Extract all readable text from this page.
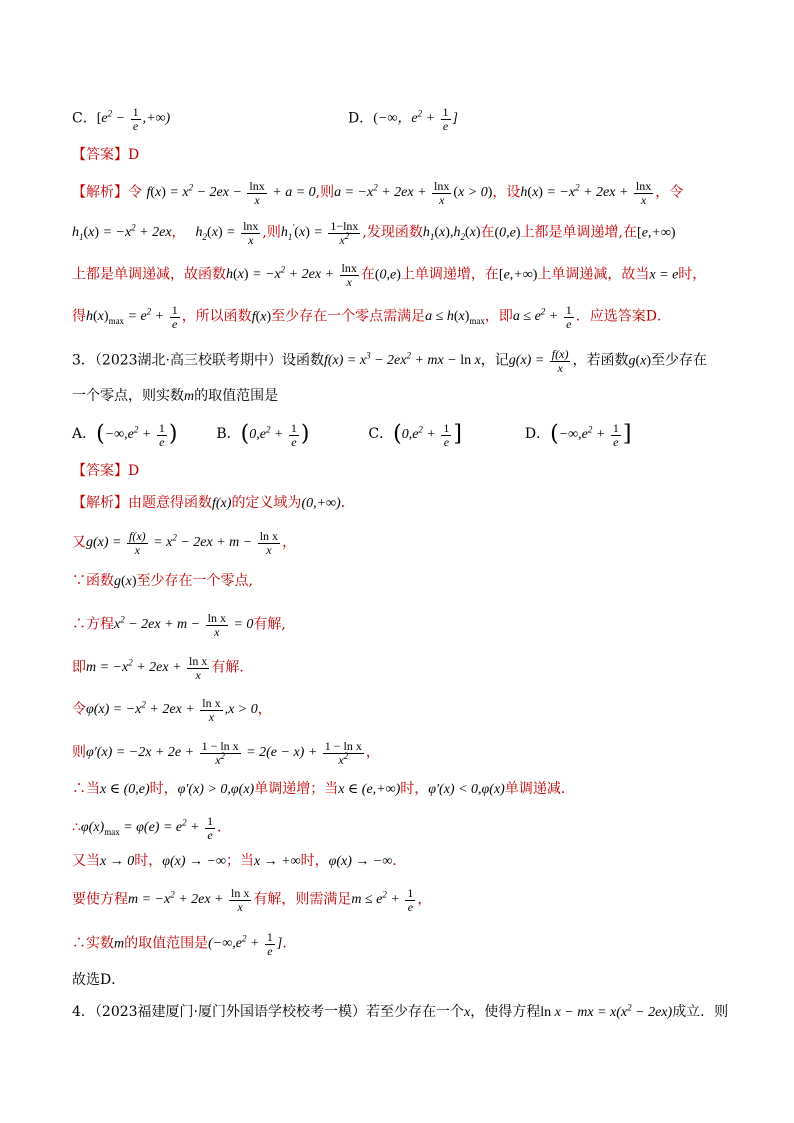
C．[$e^2 - \frac{1}{e}$ ,+∞)	D．(−∞，$e^2 + \frac{1}{e}$ ]
【答案】D
【解析】令 $f(x) = x^2 - 2ex - \frac{\ln x}{x} + a = 0$,则$a = -x^2 + 2ex + \frac{\ln x}{x} (x > 0)$，设$h(x) = -x^2 + 2ex + \frac{\ln x}{x}$ ，令
$h_1(x) = -x^2 + 2ex$， $h_2(x) = \frac{\ln x}{x}$ ,则$h_1'(x) = \frac{1-\ln x}{x^2}$ ,发现函数$h_1(x),h_2(x)$在(0,e)上都是单调递增,在[e,+∞)
上都是单调递减，故函数$h(x) = -x^2 + 2ex + \frac{\ln x}{x}$ 在(0,e)上单调递增，在[e,+∞)上单调递减，故当x = e时，
得$h(x)_{max} = e^2 + \frac{1}{e}$ ，所以函数f(x)至少存在一个零点需满足$a \le h(x)_{max}$，即$a \le e^2 + \frac{1}{e}$ ．应选答案D．
3．（2023湖北·高三校联考期中）设函数$f(x) = x^3 - 2ex^2$ + mx − ln x，记$g(x) = \frac{f(x)}{x}$ ，若函数g(x)至少存在
一个零点，则实数m的取值范围是
A．($-\infty,e^2 + \frac{1}{e}$ )	B．($0,e^2 + \frac{1}{e}$ )	C．($0,e^2 + \frac{1}{e}$ ]	D．($-\infty,e^2 + \frac{1}{e}$ ]
【答案】D
【解析】由题意得函数f(x)的定义域为(0,+∞)．
又$g(x) = \frac{f(x)}{x} = x^2 - 2ex + m - \frac{\text{ln x}}{x}$ ，
∵函数g(x)至少存在一个零点,
∴方程$x^2 - 2ex + m - \frac{\text{ln x}}{x} = 0$有解,
即$m = -x^2 + 2ex + \frac{\text{ln x}}{x}$ 有解．
令$\varphi(x) = -x^2 + 2ex + \frac{\text{ln x}}{x} ,x > 0$，
则$\varphi'(x) = -2x + 2e + \frac{\text{1 − ln x}}{x^2} = 2(e - x) + \frac{\text{1 − ln x}}{x^2}$ ，
∴当x ∈ (0,e)时，φ′(x) > 0,φ(x)单调递增；当x ∈ (e,+∞)时，φ′(x) < 0,φ(x)单调递减．
$\therefore\varphi(x)_{max} = \varphi(e) = e^2 + \frac{1}{e}$ ．
又当x → 0时，φ(x) → −∞；当x → +∞时，φ(x) → −∞．
要使方程$m = -x^2 + 2ex + \frac{\text{ln x}}{x}$ 有解，则需满足$m \le e^2 + \frac{1}{e}$ ，
∴实数m的取值范围是($-\infty,e^2 + \frac{1}{e}$ ]．
故选D．
4．（2023福建厦门·厦门外国语学校校考一模）若至少存在一个x，使得方程ln x − mx = $x(x^2 - 2ex)$成立．则
